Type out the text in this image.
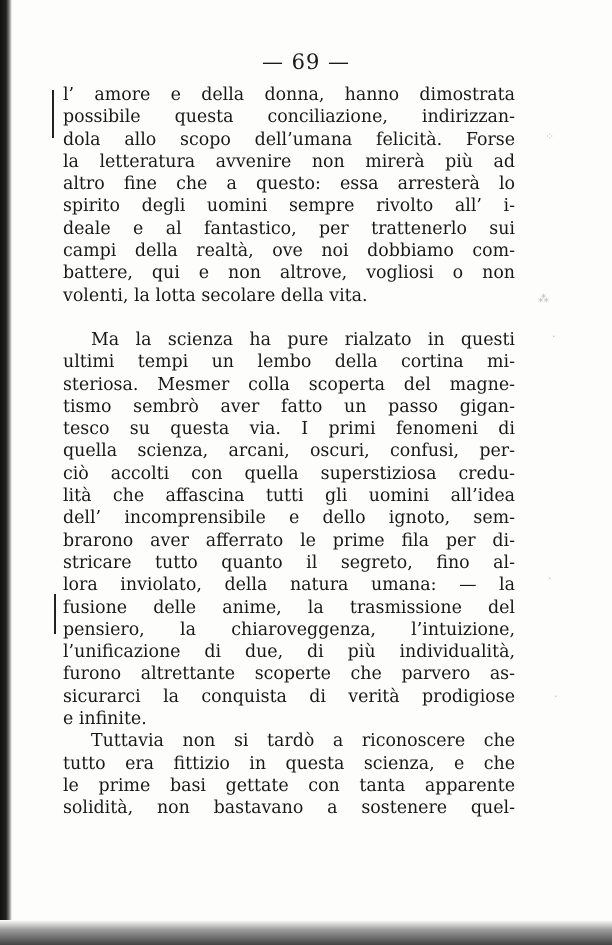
— 69 —
⁘
⁂
·
·
·
l’ amore e della donna, hanno dimostrata
possibile questa conciliazione, indirizzan-
dola allo scopo dell’umana felicità. Forse
la letteratura avvenire non mirerà più ad
altro fine che a questo: essa arresterà lo
spirito degli uomini sempre rivolto all’ i-
deale e al fantastico, per trattenerlo sui
campi della realtà, ove noi dobbiamo com-
battere, qui e non altrove, vogliosi o non
volenti, la lotta secolare della vita.
Ma la scienza ha pure rialzato in questi
ultimi tempi un lembo della cortina mi-
steriosa. Mesmer colla scoperta del magne-
tismo sembrò aver fatto un passo gigan-
tesco su questa via. I primi fenomeni di
quella scienza, arcani, oscuri, confusi, per-
ciò accolti con quella superstiziosa credu-
lità che affascina tutti gli uomini all’idea
dell’ incomprensibile e dello ignoto, sem-
brarono aver afferrato le prime fila per di-
stricare tutto quanto il segreto, fino al-
lora inviolato, della natura umana: — la
fusione delle anime, la trasmissione del
pensiero, la chiaroveggenza, l’intuizione,
l’unificazione di due, di più individualità,
furono altrettante scoperte che parvero as-
sicurarci la conquista di verità prodigiose
e infinite.
Tuttavia non si tardò a riconoscere che
tutto era fittizio in questa scienza, e che
le prime basi gettate con tanta apparente
solidità, non bastavano a sostenere quel-
